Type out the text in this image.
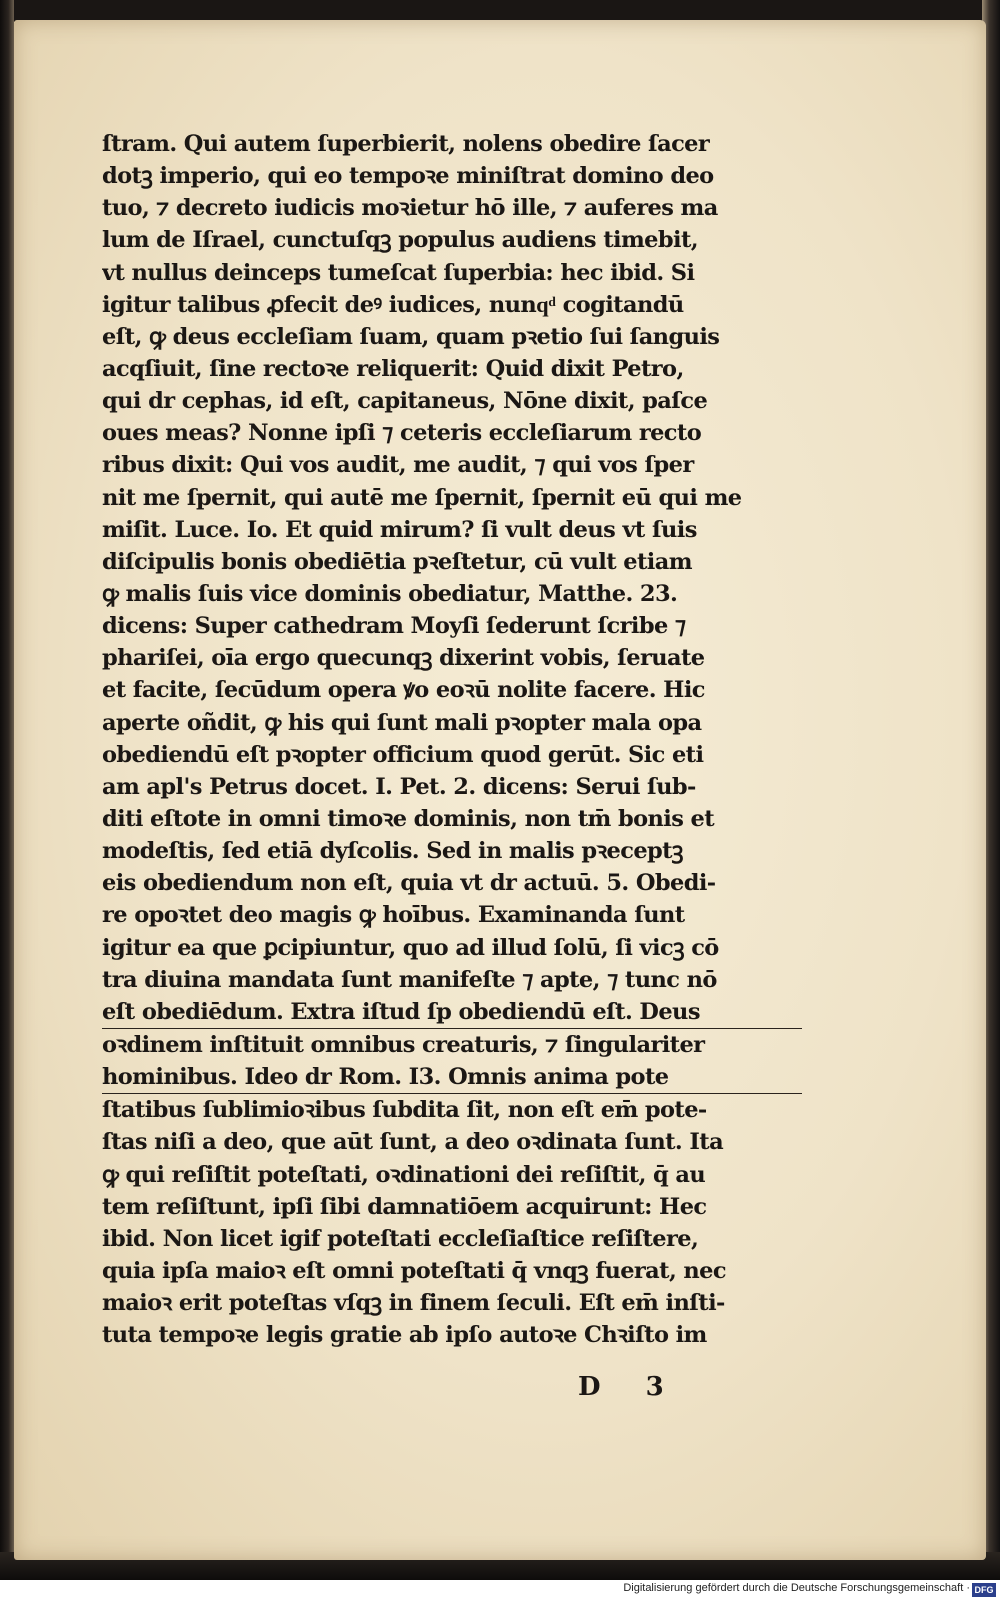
ſtram. Qui autem ſuperbierit, nolens obedire ſacer
dotꝫ imperio, qui eo tempoꝛe miniſtrat domino deo
tuo, ⁊ decreto iudicis moꝛietur hō ille, ⁊ auferes ma
lum de Iſrael, cunctuſqꝫ populus audiens timebit,
vt nullus deinceps tumeſcat ſuperbia: hec ibid. Si
igitur talibus ꝓfecit deꝰ iudices, nunqͩ cogitandū
eſt, ꝙ deus eccleſiam ſuam, quam pꝛetio ſui ſanguis
acqſiuit, ſine rectoꝛe reliquerit: Quid dixit Petro,
qui dr cephas, id eſt, capitaneus, Nōne dixit, paſce
oues meas? Nonne ipſi ⁊ ceteris eccleſiarum recto
ribus dixit: Qui vos audit, me audit, ⁊ qui vos ſper
nit me ſpernit, qui autē me ſpernit, ſpernit eū qui me
miſit. Luce. Io. Et quid mirum? ſi vult deus vt ſuis
diſcipulis bonis obediētia pꝛeſtetur, cū vult etiam
ꝙ malis ſuis vice dominis obediatur, Matthe. 23.
dicens: Super cathedram Moyſi ſederunt ſcribe ⁊
phariſei, oīa ergo quecunqꝫ dixerint vobis, ſeruate
et facite, ſecūdum opera ꝟo eoꝛū nolite facere. Hic
aperte oñdit, ꝙ his qui ſunt mali pꝛopter mala opa
obediendū eſt pꝛopter officium quod gerūt. Sic eti
am apl's Petrus docet. I. Pet. 2. dicens: Serui ſub-
diti eſtote in omni timoꝛe dominis, non tm̄ bonis et
modeſtis, ſed etiā dyſcolis. Sed in malis pꝛeceptꝫ
eis obediendum non eſt, quia vt dr actuū. 5. Obedi-
re opoꝛtet deo magis ꝙ hoībus. Examinanda ſunt
igitur ea que ꝑcipiuntur, quo ad illud ſolū, ſi vicꝫ cō
tra diuina mandata ſunt manifeſte ⁊ apte, ⁊ tunc nō
eſt obediēdum. Extra iſtud ſp obediendū eſt. Deus
oꝛdinem inſtituit omnibus creaturis, ⁊ ſingulariter
hominibus. Ideo dr Rom. I3. Omnis anima pote
ſtatibus ſublimioꝛibus ſubdita ſit, non eſt em̄ pote-
ſtas niſi a deo, que aūt ſunt, a deo oꝛdinata ſunt. Ita
ꝙ qui reſiſtit poteſtati, oꝛdinationi dei reſiſtit, q̄ au
tem reſiſtunt, ipſi ſibi damnatiōem acquirunt: Hec
ibid. Non licet igif poteſtati eccleſiaſtice reſiſtere,
quia ipſa maioꝛ eſt omni poteſtati q̄ vnqꝫ fuerat, nec
maioꝛ erit poteſtas vſqꝫ in finem ſeculi. Eſt em̄ inſti-
tuta tempoꝛe legis gratie ab ipſo autoꝛe Chꝛiſto im
D 3
Digitalisierung gefördert durch die Deutsche Forschungsgemeinschaft · DFG
